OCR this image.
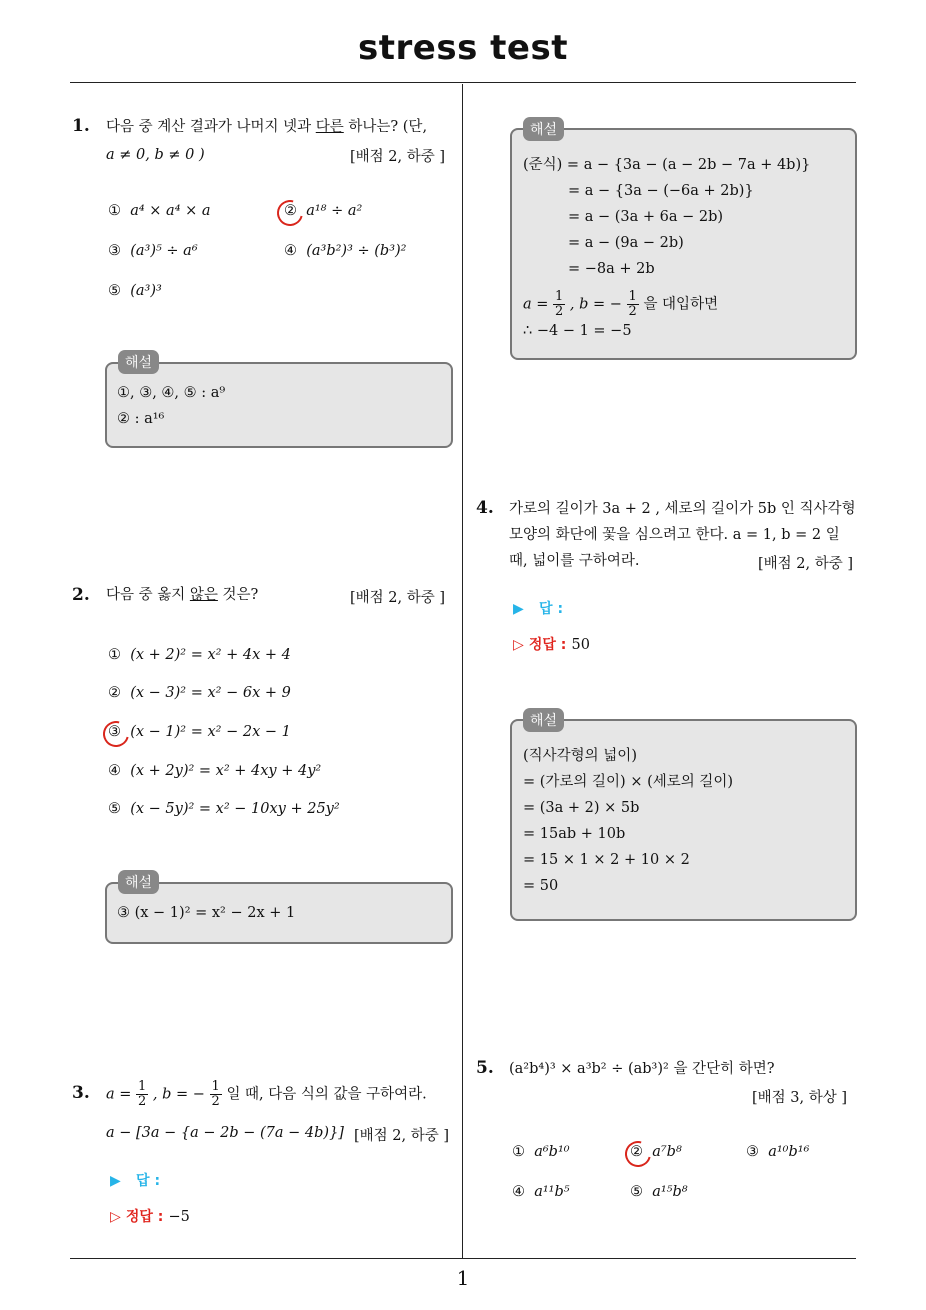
stress test
1
1. 다음 중 계산 결과가 나머지 넷과 다른 하나는? (단,
a ≠ 0, b ≠ 0 )	[배점 2, 하중 ]
① a⁴ × a⁴ × a	② a¹⁸ ÷ a²
③ (a³)⁵ ÷ a⁶	④ (a³b²)³ ÷ (b³)²
⑤ (a³)³
해설
①, ③, ④, ⑤ : a⁹
② : a¹⁶
2. 다음 중 옳지 않은 것은?	[배점 2, 하중 ]
① (x + 2)² = x² + 4x + 4
② (x − 3)² = x² − 6x + 9
③ (x − 1)² = x² − 2x − 1
④ (x + 2y)² = x² + 4xy + 4y²
⑤ (x − 5y)² = x² − 10xy + 25y²
해설
③ (x − 1)² = x² − 2x + 1
3. $a = \frac{1}{2}$ , b = − $\frac{1}{2}$ 일 때, 다음 식의 값을 구하여라.
a − [3a − {a − 2b − (7a − 4b)}] [배점 2, 하중 ]
▶ 답 :
▷ 정답 : −5
해설
(준식) = a − {3a − (a − 2b − 7a + 4b)}
= a − {3a − (−6a + 2b)}
= a − (3a + 6a − 2b)
= a − (9a − 2b)
= −8a + 2b
$a = \frac{1}{2}$ , b = − $\frac{1}{2}$ 을 대입하면
∴ −4 − 1 = −5
4. 가로의 길이가 3a + 2 , 세로의 길이가 5b 인 직사각형
모양의 화단에 꽃을 심으려고 한다. a = 1, b = 2 일
때, 넓이를 구하여라.	[배점 2, 하중 ]
▶ 답 :
▷ 정답 : 50
해설
(직사각형의 넓이)
= (가로의 길이) × (세로의 길이)
= (3a + 2) × 5b
= 15ab + 10b
= 15 × 1 × 2 + 10 × 2
= 50
5. (a²b⁴)³ × a³b² ÷ (ab³)² 을 간단히 하면?
[배점 3, 하상 ]
① a⁶b¹⁰	② a⁷b⁸	③ a¹⁰b¹⁶
④ a¹¹b⁵	⑤ a¹⁵b⁸
